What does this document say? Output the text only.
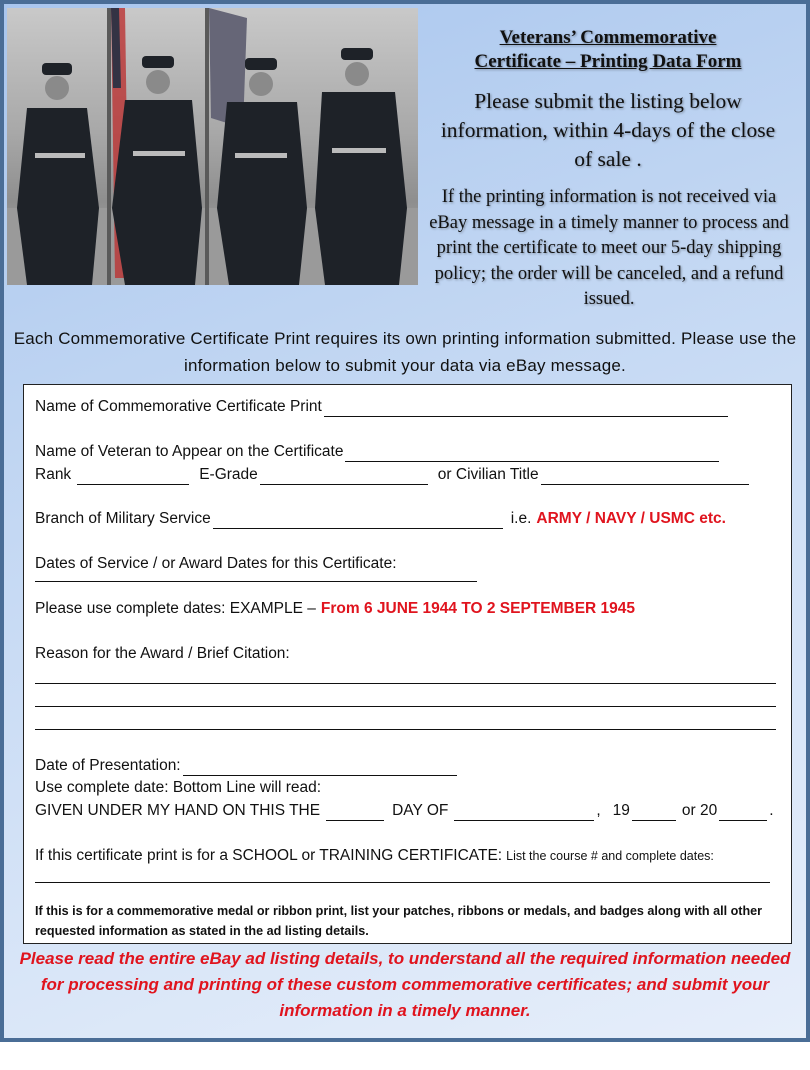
Veterans’ Commemorative
Certificate – Printing Data Form
Please submit the listing below information, within 4-days of the close of sale .
If the printing information is not received via eBay message in a timely manner to process and print the certificate to meet our 5-day shipping policy; the order will be canceled, and a refund issued.
Each Commemorative Certificate Print requires its own printing information submitted. Please use the information below to submit your data via eBay message.
Name of Commemorative Certificate Print
Name of Veteran to Appear on the Certificate
Rank	E-Grade	or Civilian Title
Branch of Military Service	i.e. ARMY / NAVY / USMC etc.
Dates of Service / or Award Dates for this Certificate:
Please use complete dates: EXAMPLE – From 6 JUNE 1944 TO 2 SEPTEMBER 1945
Reason for the Award / Brief Citation:
Date of Presentation:
Use complete date: Bottom Line will read:
GIVEN UNDER MY HAND ON THIS THE	DAY OF	, 19	or 20	.
If this certificate print is for a SCHOOL or TRAINING CERTIFICATE: List the course # and complete dates:
If this is for a commemorative medal or ribbon print, list your patches, ribbons or medals, and badges along with all other requested information as stated in the ad listing details.
Please read the entire eBay ad listing details, to understand all the required information needed for processing and printing of these custom commemorative certificates; and submit your information in a timely manner.
